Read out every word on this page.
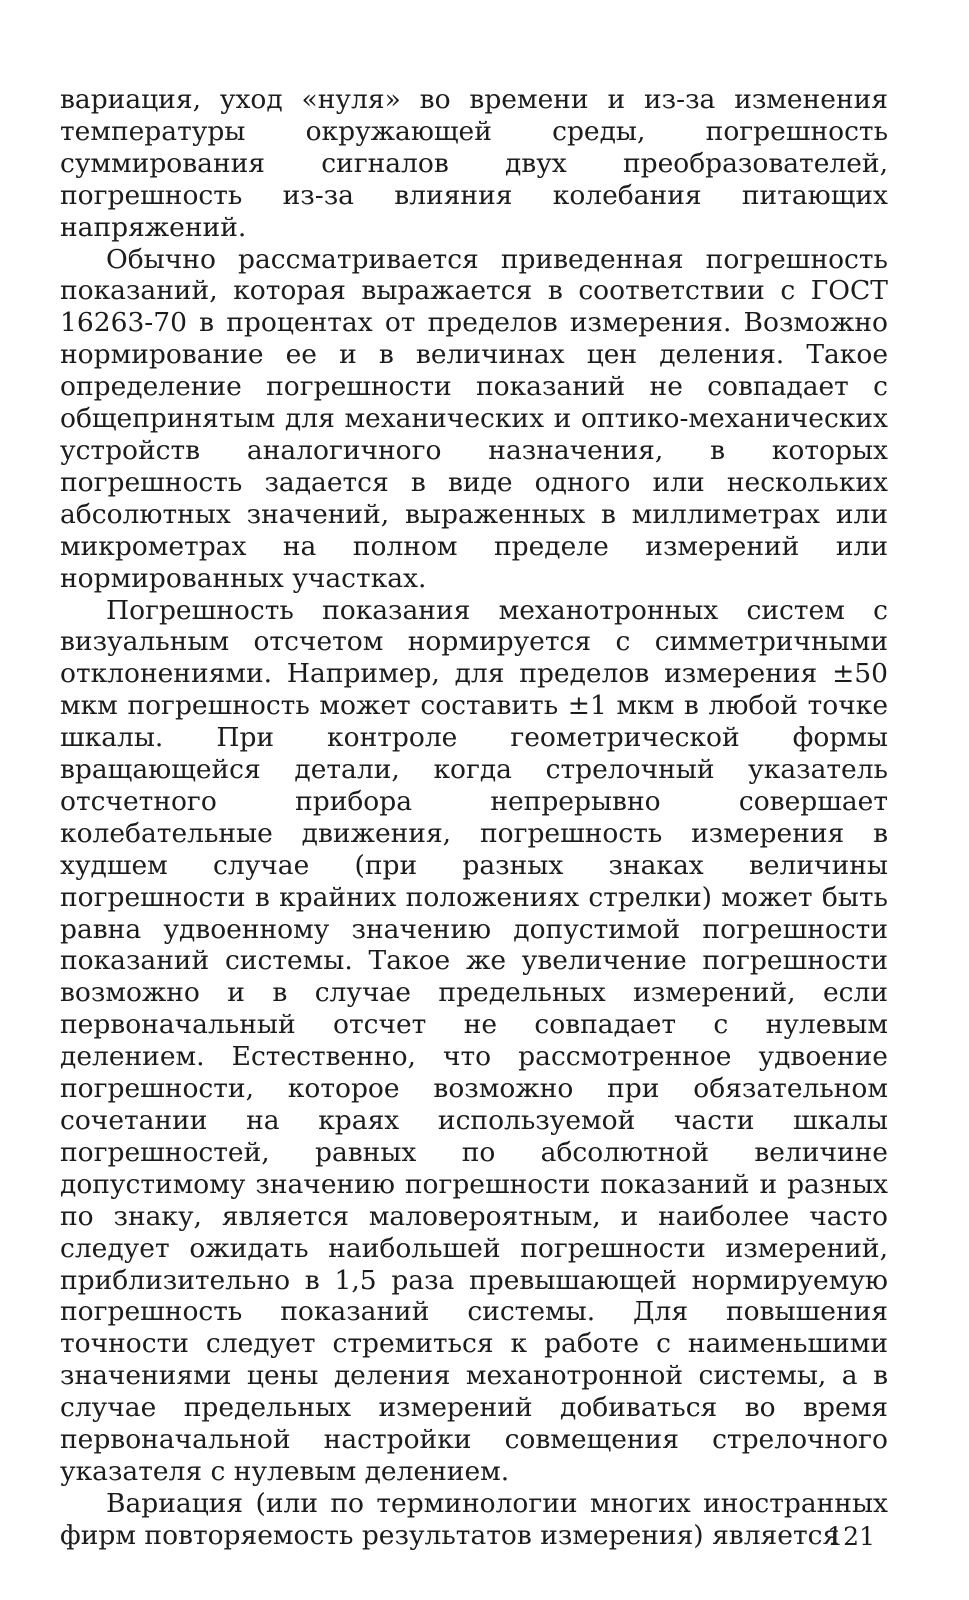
вариация, уход «нуля» во времени и из-за изменения температуры окружающей среды, погрешность суммирования сигналов двух преобразователей, погрешность из-за влияния колебания питающих напряжений.

Обычно рассматривается приведенная погрешность показаний, которая выражается в соответствии с ГОСТ 16263-70 в процентах от пределов измерения. Возможно нормирование ее и в величинах цен деления. Такое определение погрешности показаний не совпадает с общепринятым для механических и оптико-механических устройств аналогичного назначения, в которых погрешность задается в виде одного или нескольких абсолютных значений, выраженных в миллиметрах или микрометрах на полном пределе измерений или нормированных участках.

Погрешность показания механотронных систем с визуальным отсчетом нормируется с симметричными отклонениями. Например, для пределов измерения ±50 мкм погрешность может составить ±1 мкм в любой точке шкалы. При контроле геометрической формы вращающейся детали, когда стрелочный указатель отсчетного прибора непрерывно совершает колебательные движения, погрешность измерения в худшем случае (при разных знаках величины погрешности в крайних положениях стрелки) может быть равна удвоенному значению допустимой погрешности показаний системы. Такое же увеличение погрешности возможно и в случае предельных измерений, если первоначальный отсчет не совпадает с нулевым делением. Естественно, что рассмотренное удвоение погрешности, которое возможно при обязательном сочетании на краях используемой части шкалы погрешностей, равных по абсолютной величине допустимому значению погрешности показаний и разных по знаку, является маловероятным, и наиболее часто следует ожидать наибольшей погрешности измерений, приблизительно в 1,5 раза превышающей нормируемую погрешность показаний системы. Для повышения точности следует стремиться к работе с наименьшими значениями цены деления механотронной системы, а в случае предельных измерений добиваться во время первоначальной настройки совмещения стрелочного указателя с нулевым делением.

Вариация (или по терминологии многих иностранных фирм повторяемость результатов измерения) является

121
